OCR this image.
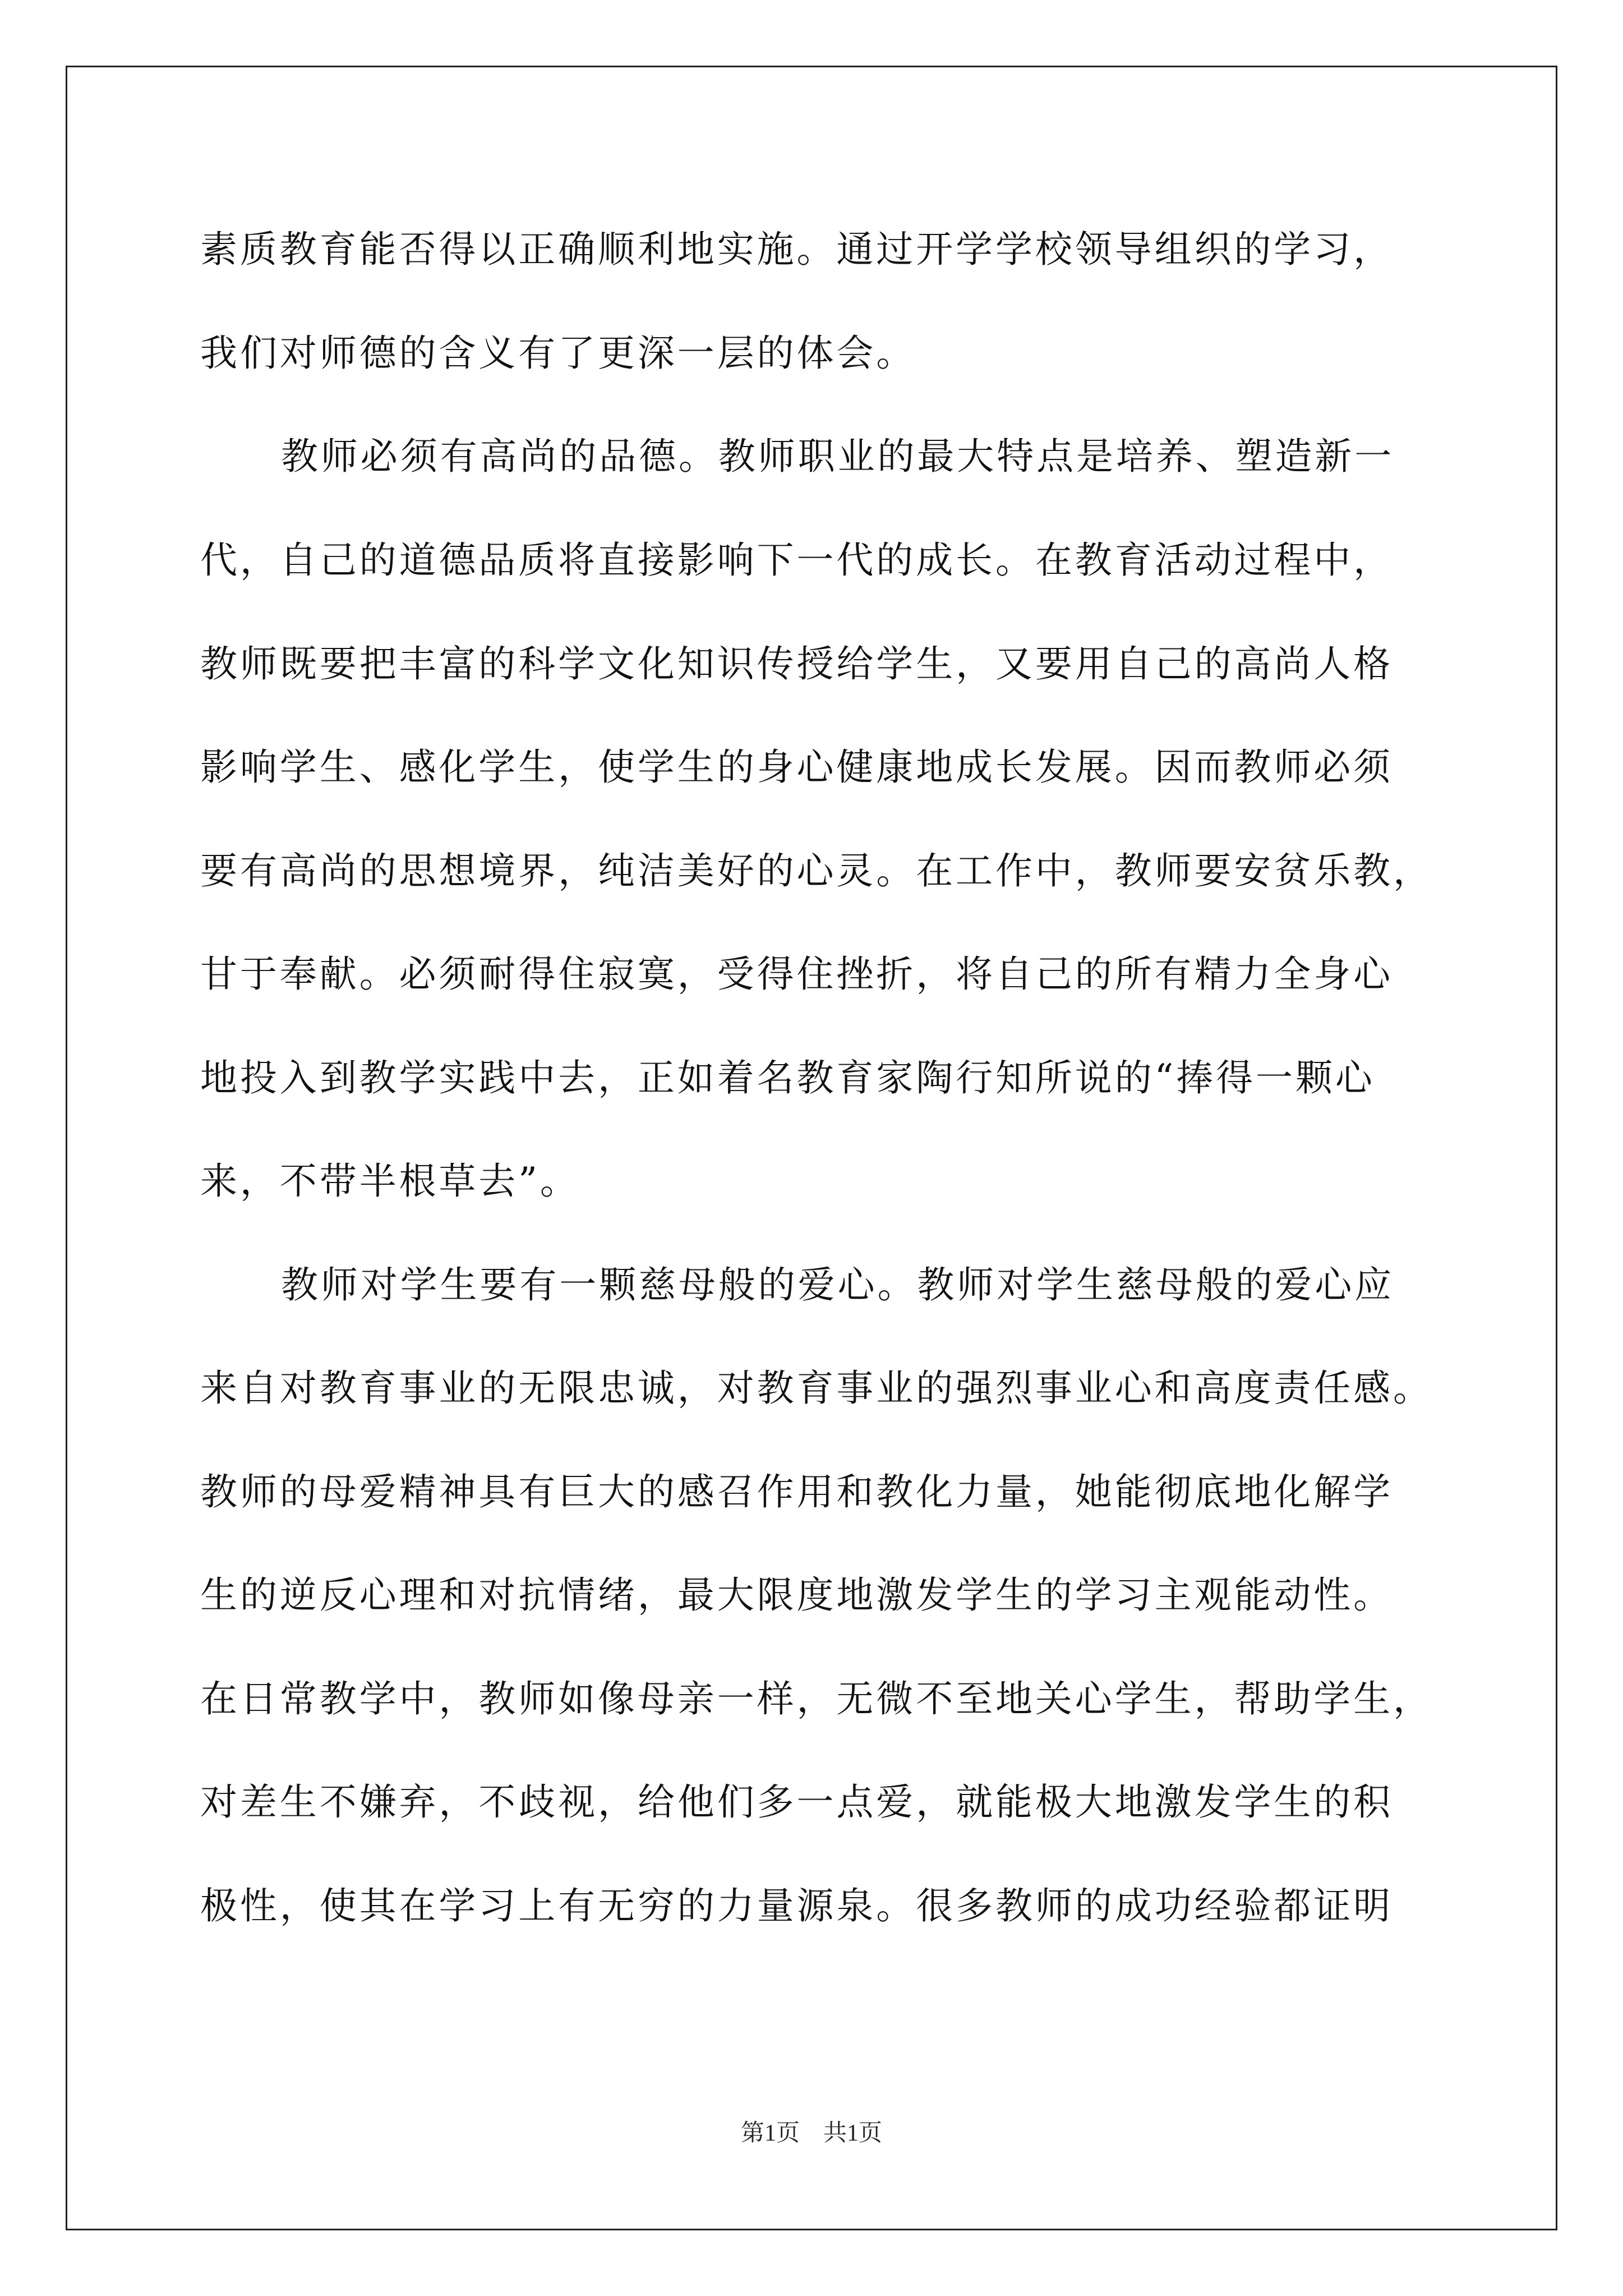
素质教育能否得以正确顺利地实施。通过开学学校领导组织的学习，
我们对师德的含义有了更深一层的体会。
教师必须有高尚的品德。教师职业的最大特点是培养、塑造新一
代，自己的道德品质将直接影响下一代的成长。在教育活动过程中，
教师既要把丰富的科学文化知识传授给学生，又要用自己的高尚人格
影响学生、感化学生，使学生的身心健康地成长发展。因而教师必须
要有高尚的思想境界，纯洁美好的心灵。在工作中，教师要安贫乐教，
甘于奉献。必须耐得住寂寞，受得住挫折，将自己的所有精力全身心
地投入到教学实践中去，正如着名教育家陶行知所说的“捧得一颗心
来，不带半根草去”。
教师对学生要有一颗慈母般的爱心。教师对学生慈母般的爱心应
来自对教育事业的无限忠诚，对教育事业的强烈事业心和高度责任感。
教师的母爱精神具有巨大的感召作用和教化力量，她能彻底地化解学
生的逆反心理和对抗情绪，最大限度地激发学生的学习主观能动性。
在日常教学中，教师如像母亲一样，无微不至地关心学生，帮助学生，
对差生不嫌弃，不歧视，给他们多一点爱，就能极大地激发学生的积
极性，使其在学习上有无穷的力量源泉。很多教师的成功经验都证明
第1页　共1页
